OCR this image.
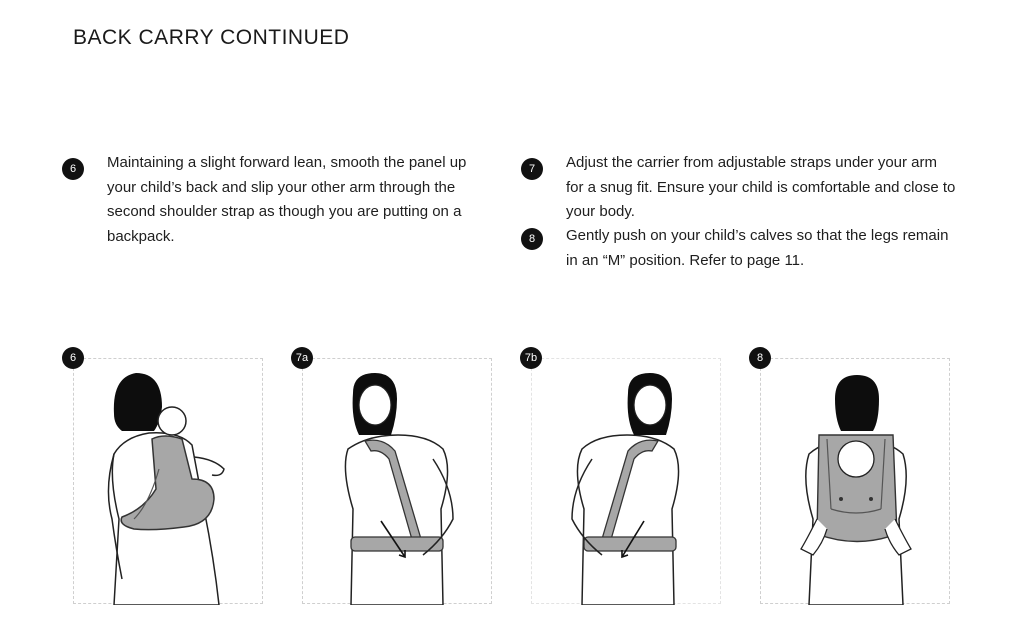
BACK CARRY CONTINUED
6	Maintaining a slight forward lean, smooth the panel up your child’s back and slip your other arm through the second shoulder strap as though you are putting on a backpack.
7	Adjust the carrier from adjustable straps under your arm for a snug fit. Ensure your child is comfortable and close to your body.
8	Gently push on your child’s calves so that the legs remain in an “M” position. Refer to page 11.
6	7a	7b	8
